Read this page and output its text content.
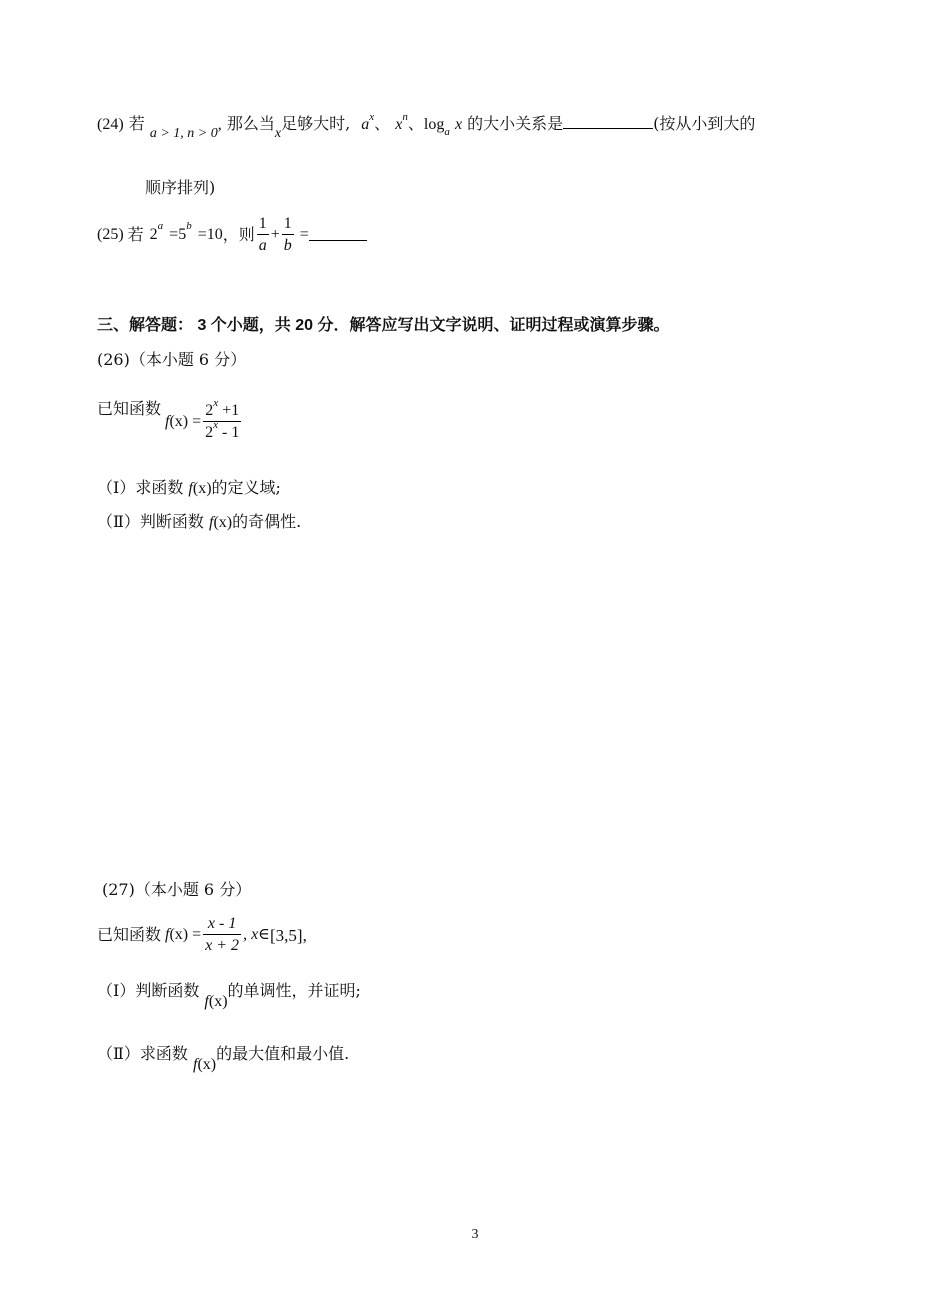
(24) 若 a > 1, n > 0, 那么当x足够大时, $a^x$、 $x^n$、$\log_a x$ 的大小关系是	(按从小到大的
顺序排列)
(25) 若 2
a
= 5
b
=10 ，则 $\frac{1}{a} + \frac{1}{b}$ =
三、解答题： 3 个小题，共 20 分．解答应写出文字说明、证明过程或演算步骤。
(26)（本小题 6 分）
已知函数
f $(x) = \frac{2^x +1}{2^x - 1}$
（Ⅰ）求函数 f(x)的定义域;
（Ⅱ）判断函数 f(x)的奇偶性.
(27)（本小题 6 分）
已知函数 f $(x) = \frac{x - 1}{x + 2}$ , x ∈ [3,5],
（Ⅰ）判断函数 f(x)的单调性，并证明;
（Ⅱ）求函数 f(x)的最大值和最小值.
3
